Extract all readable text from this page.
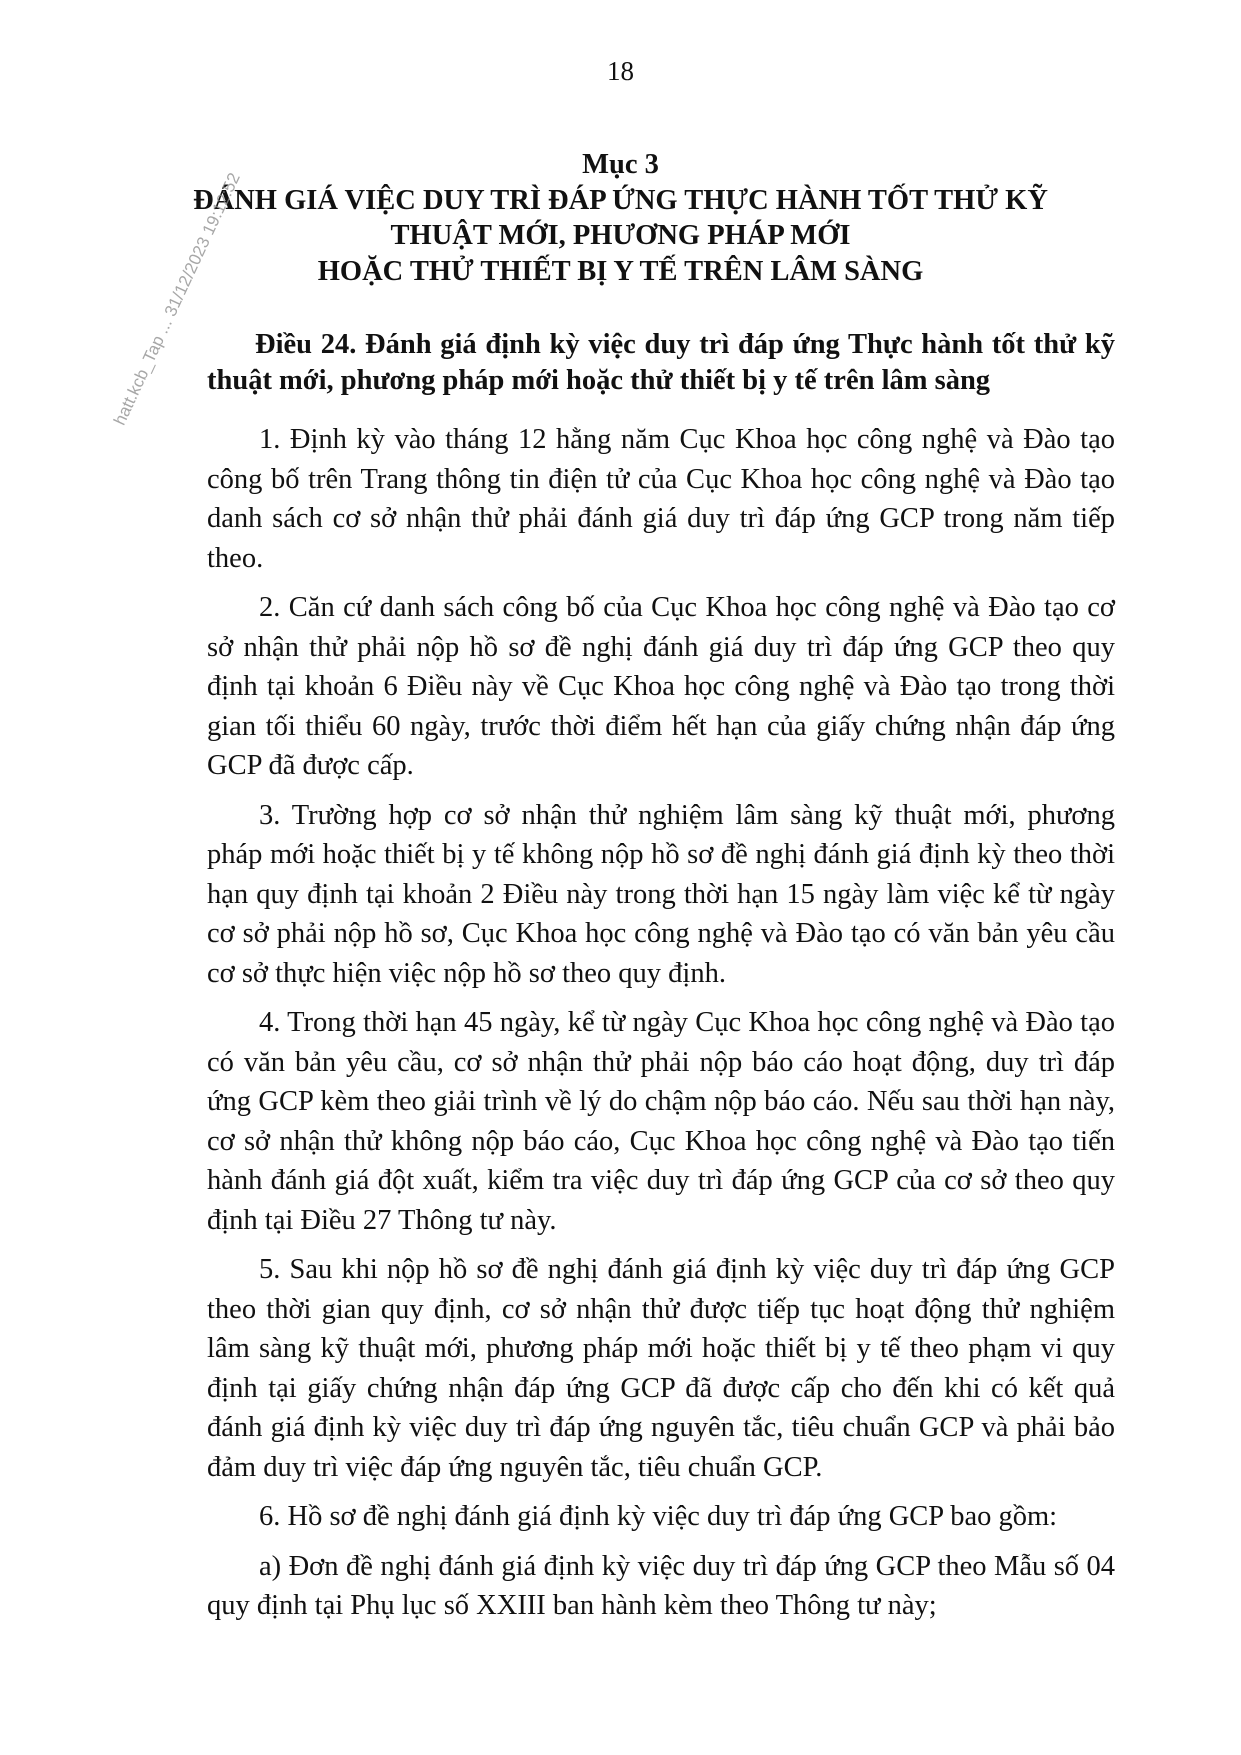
18
Mục 3
ĐÁNH GIÁ VIỆC DUY TRÌ ĐÁP ỨNG THỰC HÀNH TỐT THỬ KỸ
THUẬT MỚI, PHƯƠNG PHÁP MỚI
HOẶC THỬ THIẾT BỊ Y TẾ TRÊN LÂM SÀNG
Điều 24. Đánh giá định kỳ việc duy trì đáp ứng Thực hành tốt thử kỹ thuật mới, phương pháp mới hoặc thử thiết bị y tế trên lâm sàng

1. Định kỳ vào tháng 12 hằng năm Cục Khoa học công nghệ và Đào tạo công bố trên Trang thông tin điện tử của Cục Khoa học công nghệ và Đào tạo danh sách cơ sở nhận thử phải đánh giá duy trì đáp ứng GCP trong năm tiếp theo.

2. Căn cứ danh sách công bố của Cục Khoa học công nghệ và Đào tạo cơ sở nhận thử phải nộp hồ sơ đề nghị đánh giá duy trì đáp ứng GCP theo quy định tại khoản 6 Điều này về Cục Khoa học công nghệ và Đào tạo trong thời gian tối thiểu 60 ngày, trước thời điểm hết hạn của giấy chứng nhận đáp ứng GCP đã được cấp.

3. Trường hợp cơ sở nhận thử nghiệm lâm sàng kỹ thuật mới, phương pháp mới hoặc thiết bị y tế không nộp hồ sơ đề nghị đánh giá định kỳ theo thời hạn quy định tại khoản 2 Điều này trong thời hạn 15 ngày làm việc kể từ ngày cơ sở phải nộp hồ sơ, Cục Khoa học công nghệ và Đào tạo có văn bản yêu cầu cơ sở thực hiện việc nộp hồ sơ theo quy định.

4. Trong thời hạn 45 ngày, kể từ ngày Cục Khoa học công nghệ và Đào tạo có văn bản yêu cầu, cơ sở nhận thử phải nộp báo cáo hoạt động, duy trì đáp ứng GCP kèm theo giải trình về lý do chậm nộp báo cáo. Nếu sau thời hạn này, cơ sở nhận thử không nộp báo cáo, Cục Khoa học công nghệ và Đào tạo tiến hành đánh giá đột xuất, kiểm tra việc duy trì đáp ứng GCP của cơ sở theo quy định tại Điều 27 Thông tư này.

5. Sau khi nộp hồ sơ đề nghị đánh giá định kỳ việc duy trì đáp ứng GCP theo thời gian quy định, cơ sở nhận thử được tiếp tục hoạt động thử nghiệm lâm sàng kỹ thuật mới, phương pháp mới hoặc thiết bị y tế theo phạm vi quy định tại giấy chứng nhận đáp ứng GCP đã được cấp cho đến khi có kết quả đánh giá định kỳ việc duy trì đáp ứng nguyên tắc, tiêu chuẩn GCP và phải bảo đảm duy trì việc đáp ứng nguyên tắc, tiêu chuẩn GCP.

6. Hồ sơ đề nghị đánh giá định kỳ việc duy trì đáp ứng GCP bao gồm:

a) Đơn đề nghị đánh giá định kỳ việc duy trì đáp ứng GCP theo Mẫu số 04 quy định tại Phụ lục số XXIII ban hành kèm theo Thông tư này;

hatt.kcb_Tap ... 31/12/2023 19:12:52
